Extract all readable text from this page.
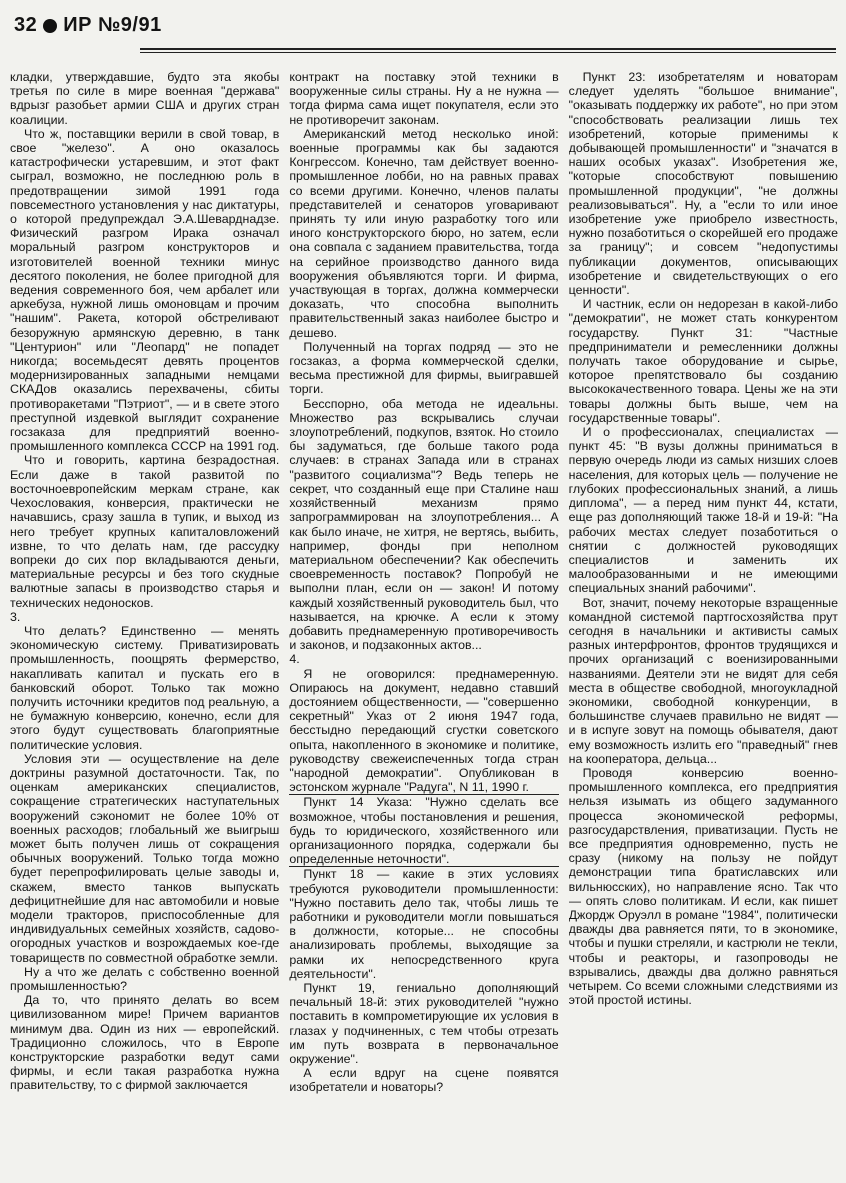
32 ИР №9/91

кладки, утверждавшие, будто эта якобы третья по силе в мире военная "держава" вдрызг разобьет армии США и других стран коалиции.

Что ж, поставщики верили в свой товар, в свое "железо". А оно оказалось катастрофически устаревшим, и этот факт сыграл, возможно, не последнюю роль в предотвращении зимой 1991 года повсеместного установления у нас диктатуры, о которой предупреждал Э.А.Шеварднадзе. Физический разгром Ирака означал моральный разгром конструкторов и изготовителей военной техники минус десятого поколения, не более пригодной для ведения современного боя, чем арбалет или аркебуза, нужной лишь омоновцам и прочим "нашим". Ракета, которой обстреливают безоружную армянскую деревню, в танк "Центурион" или "Леопард" не попадет никогда; восемьдесят девять процентов модернизированных западными немцами СКАДов оказались перехвачены, сбиты противоракетами "Пэтриот", — и в свете этого преступной издевкой выглядит сохранение госзаказа для предприятий военно-промышленного комплекса СССР на 1991 год.

Что и говорить, картина безрадостная. Если даже в такой развитой по восточноевропейским меркам стране, как Чехословакия, конверсия, практически не начавшись, сразу зашла в тупик, и выход из него требует крупных капиталовложений извне, то что делать нам, где рассудку вопреки до сих пор вкладываются деньги, материальные ресурсы и без того скудные валютные запасы в производство старья и технических недоносков.

3.

Что делать? Единственно — менять экономическую систему. Приватизировать промышленность, поощрять фермерство, накапливать капитал и пускать его в банковский оборот. Только так можно получить источники кредитов под реальную, а не бумажную конверсию, конечно, если для этого будут существовать благоприятные политические условия.

Условия эти — осуществление на деле доктрины разумной достаточности. Так, по оценкам американских специалистов, сокращение стратегических наступательных вооружений сэкономит не более 10% от военных расходов; глобальный же выигрыш может быть получен лишь от сокращения обычных вооружений. Только тогда можно будет перепрофилировать целые заводы и, скажем, вместо танков выпускать дефицитнейшие для нас автомобили и новые модели тракторов, приспособленные для индивидуальных семейных хозяйств, садово-огородных участков и возрождаемых кое-где товариществ по совместной обработке земли.

Ну а что же делать с собственно военной промышленностью?

Да то, что принято делать во всем цивилизованном мире! Причем вариантов минимум два. Один из них — европейский. Традиционно сложилось, что в Европе конструкторские разработки ведут сами фирмы, и если такая разработка нужна правительству, то с фирмой заключается

контракт на поставку этой техники в вооруженные силы страны. Ну а не нужна — тогда фирма сама ищет покупателя, если это не противоречит законам.

Американский метод несколько иной: военные программы как бы задаются Конгрессом. Конечно, там действует военно-промышленное лобби, но на равных правах со всеми другими. Конечно, членов палаты представителей и сенаторов уговаривают принять ту или иную разработку того или иного конструкторского бюро, но затем, если она совпала с заданием правительства, тогда на серийное производство данного вида вооружения объявляются торги. И фирма, участвующая в торгах, должна коммерчески доказать, что способна выполнить правительственный заказ наиболее быстро и дешево.

Полученный на торгах подряд — это не госзаказ, а форма коммерческой сделки, весьма престижной для фирмы, выигравшей торги.

Бесспорно, оба метода не идеальны. Множество раз вскрывались случаи злоупотреблений, подкупов, взяток. Но стоило бы задуматься, где больше такого рода случаев: в странах Запада или в странах "развитого социализма"? Ведь теперь не секрет, что созданный еще при Сталине наш хозяйственный механизм прямо запрограммирован на злоупотребления... А как было иначе, не хитря, не вертясь, выбить, например, фонды при неполном материальном обеспечении? Как обеспечить своевременность поставок? Попробуй не выполни план, если он — закон! И потому каждый хозяйственный руководитель был, что называется, на крючке. А если к этому добавить преднамеренную противоречивость и законов, и подзаконных актов...

4.

Я не оговорился: преднамеренную. Опираюсь на документ, недавно ставший достоянием общественности, — "совершенно секретный" Указ от 2 июня 1947 года, бесстыдно передающий сгустки советского опыта, накопленного в экономике и политике, руководству свежеиспеченных тогда стран "народной демократии". Опубликован в эстонском журнале "Радуга", N 11, 1990 г.

Пункт 14 Указа: "Нужно сделать все возможное, чтобы постановления и решения, будь то юридического, хозяйственного или организационного порядка, содержали бы определенные неточности".

Пункт 18 — какие в этих условиях требуются руководители промышленности: "Нужно поставить дело так, чтобы лишь те работники и руководители могли повышаться в должности, которые... не способны анализировать проблемы, выходящие за рамки их непосредственного круга деятельности".

Пункт 19, гениально дополняющий печальный 18-й: этих руководителей "нужно поставить в компрометирующие их условия в глазах у подчиненных, с тем чтобы отрезать им путь возврата в первоначальное окружение".

А если вдруг на сцене появятся изобретатели и новаторы?

Пункт 23: изобретателям и новаторам следует уделять "большое внимание", "оказывать поддержку их работе", но при этом "способствовать реализации лишь тех изобретений, которые применимы к добывающей промышленности" и "значатся в наших особых указах". Изобретения же, "которые способствуют повышению промышленной продукции", "не должны реализовываться". Ну, а "если то или иное изобретение уже приобрело известность, нужно позаботиться о скорейшей его продаже за границу"; и совсем "недопустимы публикации документов, описывающих изобретение и свидетельствующих о его ценности".

И частник, если он недорезан в какой-либо "демократии", не может стать конкурентом государству. Пункт 31: "Частные предприниматели и ремесленники должны получать такое оборудование и сырье, которое препятствовало бы созданию высококачественного товара. Цены же на эти товары должны быть выше, чем на государственные товары".

И о профессионалах, специалистах — пункт 45: "В вузы должны приниматься в первую очередь люди из самых низших слоев населения, для которых цель — получение не глубоких профессиональных знаний, а лишь диплома", — а перед ним пункт 44, кстати, еще раз дополняющий также 18-й и 19-й: "На рабочих местах следует позаботиться о снятии с должностей руководящих специалистов и заменить их малообразованными и не имеющими специальных знаний рабочими".

Вот, значит, почему некоторые взращенные командной системой партгосхозяйства прут сегодня в начальники и активисты самых разных интерфронтов, фронтов трудящихся и прочих организаций с военизированными названиями. Деятели эти не видят для себя места в обществе свободной, многоукладной экономики, свободной конкуренции, в большинстве случаев правильно не видят — и в испуге зовут на помощь обывателя, дают ему возможность излить его "праведный" гнев на кооператора, дельца...

Проводя конверсию военно-промышленного комплекса, его предприятия нельзя изымать из общего задуманного процесса экономической реформы, разгосударствления, приватизации. Пусть не все предприятия одновременно, пусть не сразу (никому на пользу не пойдут демонстрации типа братиславских или вильнюсских), но направление ясно. Так что — опять слово политикам. И если, как пишет Джордж Оруэлл в романе "1984", политически дважды два равняется пяти, то в экономике, чтобы и пушки стреляли, и кастрюли не текли, чтобы и реакторы, и газопроводы не взрывались, дважды два должно равняться четырем. Со всеми сложными следствиями из этой простой истины.
